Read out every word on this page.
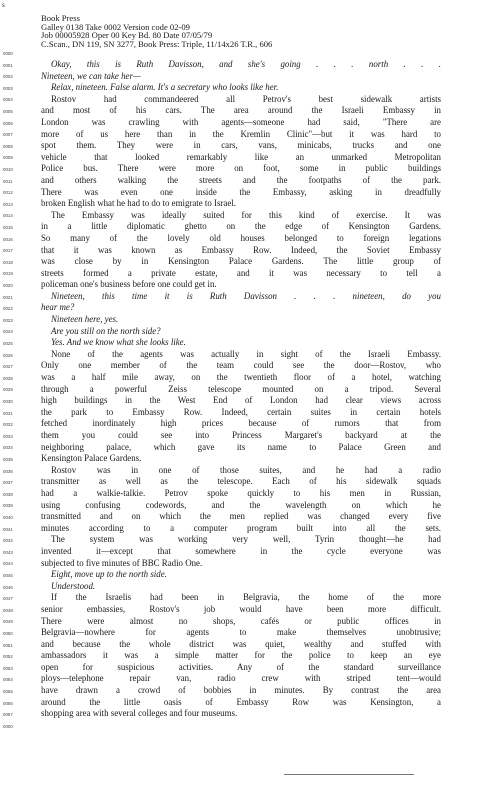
s
Book Press
Galley 0138 Take 0002 Version code 02-09
Job 00005928 Oper 00 Key Bd. 80 Date 07/05/79
C.Scan., DN 119, SN 3277, Book Press: Triple, 11/14x26 T.R., 606
0000
0001
0002
0003
0004
0005
0006
0007
0008
0009
0010
0011
0012
0013
0014
0015
0016
0017
0018
0019
0020
0021
0022
0023
0024
0025
0026
0027
0028
0029
0030
0031
0032
0033
0034
0035
0036
0037
0038
0039
0040
0041
0042
0043
0044
0045
0046
0047
0048
0049
0050
0051
0052
0053
0054
0055
0056
0057
0000
Okay, this is Ruth Davisson, and she's going . . . north . . .
Nineteen, we can take her—
Relax, nineteen. False alarm. It's a secretary who looks like her.
Rostov had commandeered all Petrov's best sidewalk artists
and most of his cars. The area around the Israeli Embassy in
London was crawling with agents—someone had said, "There are
more of us here than in the Kremlin Clinic"—but it was hard to
spot them. They were in cars, vans, minicabs, trucks and one
vehicle that looked remarkably like an unmarked Metropolitan
Police bus. There were more on foot, some in public buildings
and others walking the streets and the footpaths of the park.
There was even one inside the Embassy, asking in dreadfully
broken English what he had to do to emigrate to Israel.
The Embassy was ideally suited for this kind of exercise. It was
in a little diplomatic ghetto on the edge of Kensington Gardens.
So many of the lovely old houses belonged to foreign legations
that it was known as Embassy Row. Indeed, the Soviet Embassy
was close by in Kensington Palace Gardens. The little group of
streets formed a private estate, and it was necessary to tell a
policeman one's business before one could get in.
Nineteen, this time it is Ruth Davisson . . . nineteen, do you
hear me?
Nineteen here, yes.
Are you still on the north side?
Yes. And we know what she looks like.
None of the agents was actually in sight of the Israeli Embassy.
Only one member of the team could see the door—Rostov, who
was a half mile away, on the twentieth floor of a hotel, watching
through a powerful Zeiss telescope mounted on a tripod. Several
high buildings in the West End of London had clear views across
the park to Embassy Row. Indeed, certain suites in certain hotels
fetched inordinately high prices because of rumors that from
them you could see into Princess Margaret's backyard at the
neighboring palace, which gave its name to Palace Green and
Kensington Palace Gardens.
Rostov was in one of those suites, and he had a radio
transmitter as well as the telescope. Each of his sidewalk squads
had a walkie-talkie. Petrov spoke quickly to his men in Russian,
using confusing codewords, and the wavelength on which he
transmitted and on which the men replied was changed every five
minutes according to a computer program built into all the sets.
The system was working very well, Tyrin thought—he had
invented it—except that somewhere in the cycle everyone was
subjected to five minutes of BBC Radio One.
Eight, move up to the north side.
Understood.
If the Israelis had been in Belgravia, the home of the more
senior embassies, Rostov's job would have been more difficult.
There were almost no shops, cafés or public offices in
Belgravia—nowhere for agents to make themselves unobtrusive;
and because the whole district was quiet, wealthy and stuffed with
ambassadors it was a simple matter for the police to keep an eye
open for suspicious activities. Any of the standard surveillance
ploys—telephone repair van, radio crew with striped tent—would
have drawn a crowd of bobbies in minutes. By contrast the area
around the little oasis of Embassy Row was Kensington, a
shopping area with several colleges and four museums.
